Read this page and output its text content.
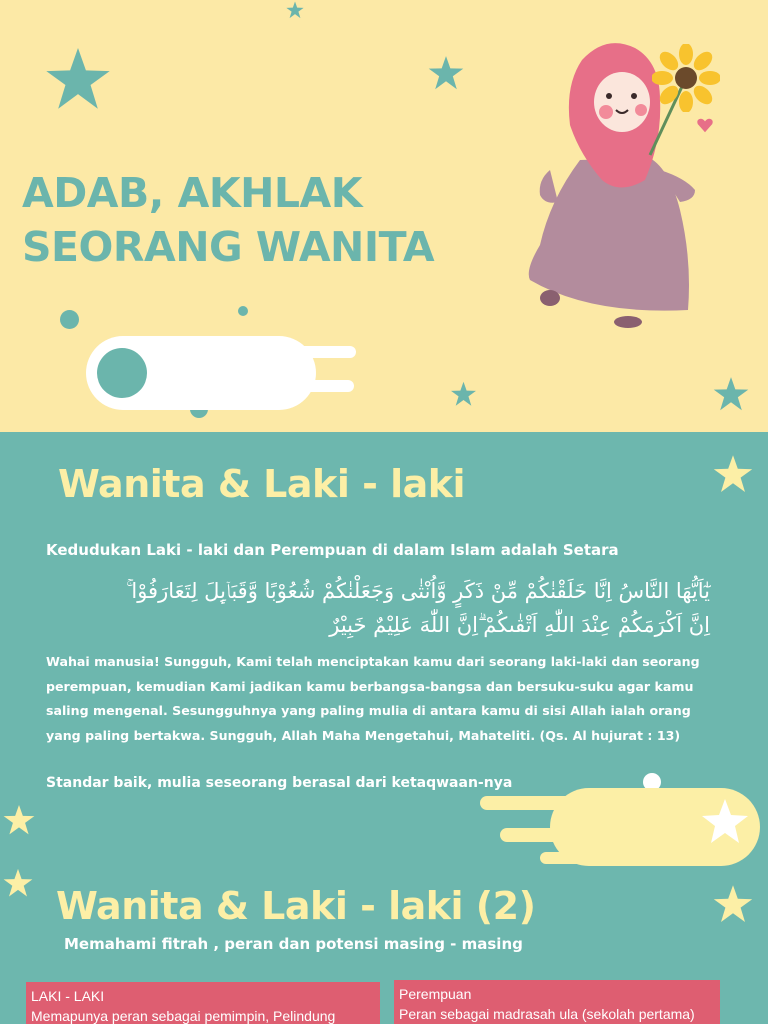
ADAB, AKHLAK
SEORANG WANITA
Wanita & Laki - laki
Kedudukan Laki - laki dan Perempuan di dalam Islam adalah Setara
يٰٓاَيُّهَا النَّاسُ اِنَّا خَلَقْنٰكُمْ مِّنْ ذَكَرٍ وَّاُنْثٰى وَجَعَلْنٰكُمْ شُعُوْبًا وَّقَبَاۤىِٕلَ لِتَعَارَفُوْا ۚ اِنَّ اَكْرَمَكُمْ عِنْدَ اللّٰهِ اَتْقٰىكُمْ ۗاِنَّ اللّٰهَ عَلِيْمٌ خَبِيْرٌ
Wahai manusia! Sungguh, Kami telah menciptakan kamu dari seorang laki-laki dan seorang perempuan, kemudian Kami jadikan kamu berbangsa-bangsa dan bersuku-suku agar kamu saling mengenal. Sesungguhnya yang paling mulia di antara kamu di sisi Allah ialah orang yang paling bertakwa. Sungguh, Allah Maha Mengetahui, Mahateliti. (Qs. Al hujurat : 13)
Standar baik, mulia seseorang berasal dari ketaqwaan-nya
Wanita & Laki - laki (2)
Memahami fitrah , peran dan potensi masing - masing
LAKI - LAKI
Memapunya peran sebagai pemimpin, Pelindung
Perempuan
Peran sebagai madrasah ula (sekolah pertama)
